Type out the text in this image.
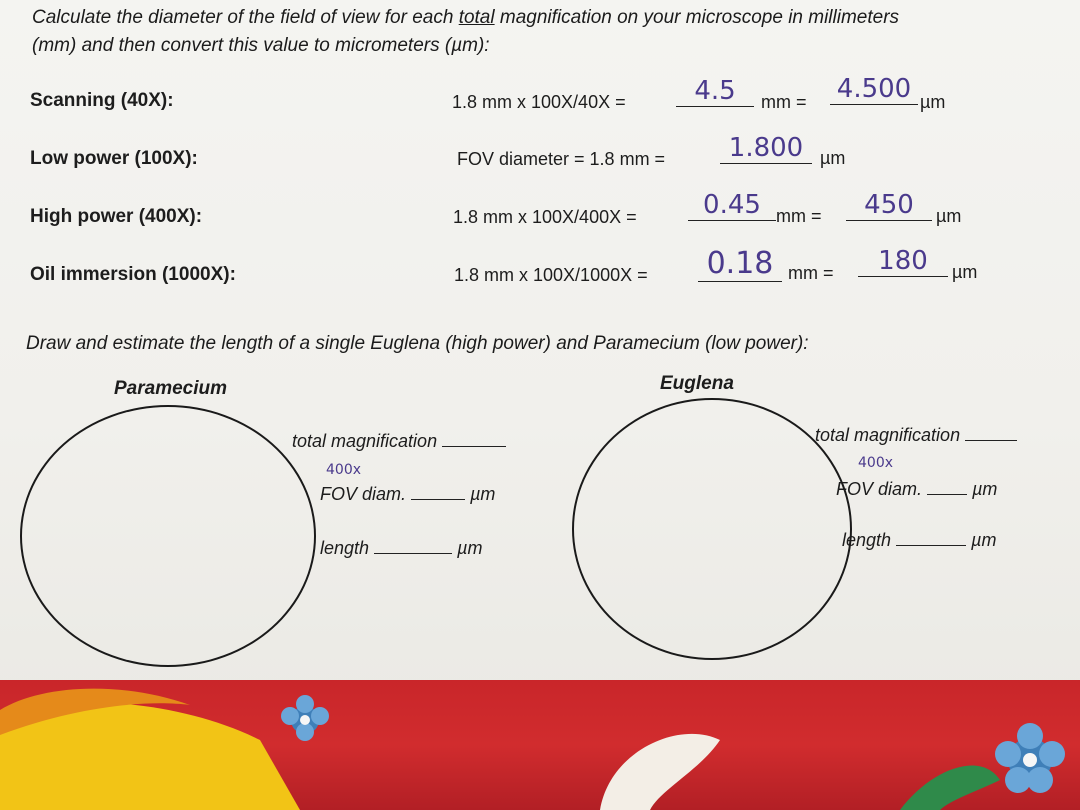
Calculate the diameter of the field of view for each total magnification on your microscope in millimeters
(mm) and then convert this value to micrometers (µm):
Scanning (40X):	1.8 mm x 100X/40X =	4.5	mm = 4.500 µm
Low power (100X):	FOV diameter = 1.8 mm =	1.800 µm
High power (400X):	1.8 mm x 100X/400X =	0.45 mm =	450	µm
Oil immersion (1000X):	1.8 mm x 100X/1000X = 0.18 mm =	180	µm
Draw and estimate the length of a single Euglena (high power) and Paramecium (low power):
Paramecium
total magnification
400x
FOV diam.	µm
length	µm
Euglena
total magnification
400x
FOV diam.	µm
length	µm
